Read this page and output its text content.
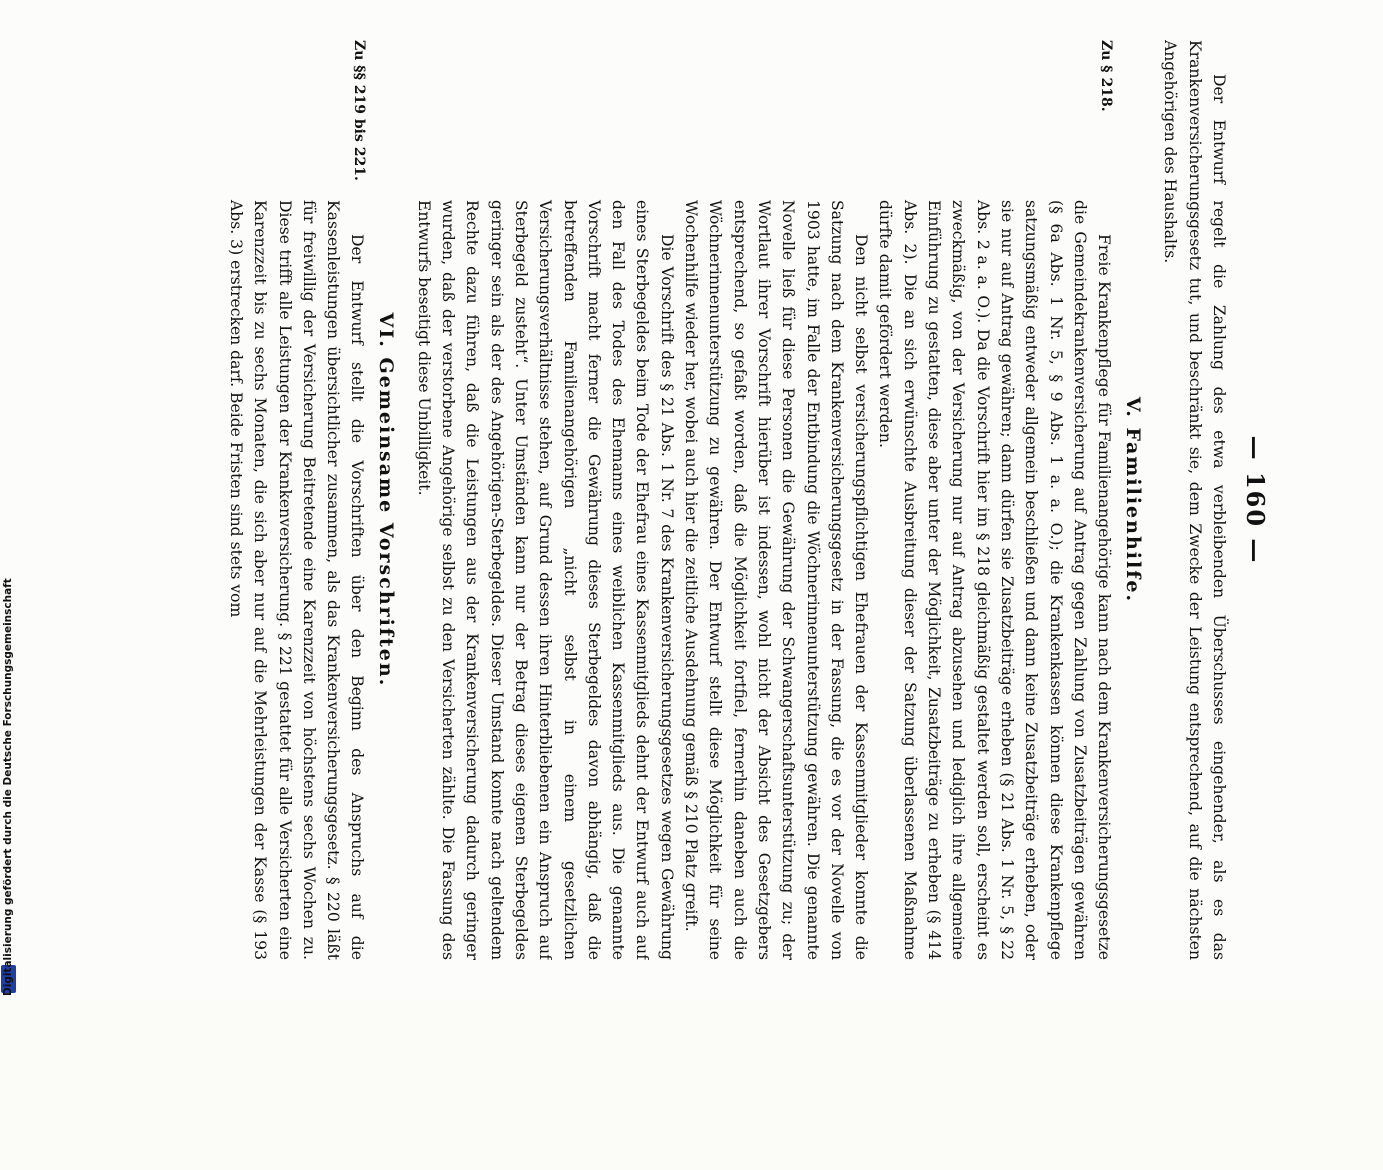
Digitalisierung gefördert durch die Deutsche Forschungsgemeinschaft
— 160 —

Der Entwurf regelt die Zahlung des etwa verbleibenden Überschusses eingehender, als es das Krankenversicherungsgesetz tut, und beschränkt sie, dem Zwecke der Leistung entsprechend, auf die nächsten Angehörigen des Haushalts.

V. Familienhilfe.
Zu § 218.

Freie Krankenpflege für Familienangehörige kann nach dem Krankenversicherungsgesetze die Gemeindekrankenversicherung auf Antrag gegen Zahlung von Zusatzbeiträgen gewähren (§ 6a Abs. 1 Nr. 5, § 9 Abs. 1 a. a. O.); die Krankenkassen können diese Krankenpflege satzungsmäßig entweder allgemein beschließen und dann keine Zusatzbeiträge erheben, oder sie nur auf Antrag gewähren; dann dürfen sie Zusatzbeiträge erheben (§ 21 Abs. 1 Nr. 5, § 22 Abs. 2 a. a. O.). Da die Vorschrift hier im § 218 gleichmäßig gestaltet werden soll, erscheint es zweckmäßig, von der Versicherung nur auf Antrag abzusehen und lediglich ihre allgemeine Einführung zu gestatten, diese aber unter der Möglichkeit, Zusatzbeiträge zu erheben (§ 414 Abs. 2). Die an sich erwünschte Ausbreitung dieser der Satzung überlassenen Maßnahme dürfte damit gefördert werden.

Den nicht selbst versicherungspflichtigen Ehefrauen der Kassenmitglieder konnte die Satzung nach dem Krankenversicherungsgesetz in der Fassung, die es vor der Novelle von 1903 hatte, im Falle der Entbindung die Wöchnerinnenunterstützung gewähren. Die genannte Novelle ließ für diese Personen die Gewährung der Schwangerschaftsunterstützung zu; der Wortlaut ihrer Vorschrift hierüber ist indessen, wohl nicht der Absicht des Gesetzgebers entsprechend, so gefaßt worden, daß die Möglichkeit fortfiel, fernerhin daneben auch die Wöchnerinnenunterstützung zu gewähren. Der Entwurf stellt diese Möglichkeit für seine Wochenhilfe wieder her, wobei auch hier die zeitliche Ausdehnung gemäß § 210 Platz greift.

Die Vorschrift des § 21 Abs. 1 Nr. 7 des Krankenversicherungsgesetzes wegen Gewährung eines Sterbegeldes beim Tode der Ehefrau eines Kassenmitglieds dehnt der Entwurf auch auf den Fall des Todes des Ehemanns eines weiblichen Kassenmitglieds aus. Die genannte Vorschrift macht ferner die Gewährung dieses Sterbegeldes davon abhängig, daß die betreffenden Familienangehörigen „nicht selbst in einem gesetzlichen Versicherungsverhältnisse stehen, auf Grund dessen ihren Hinterbliebenen ein Anspruch auf Sterbegeld zusteht“. Unter Umständen kann nur der Betrag dieses eigenen Sterbegeldes geringer sein als der des Angehörigen-Sterbegeldes. Dieser Umstand konnte nach geltendem Rechte dazu führen, daß die Leistungen aus der Krankenversicherung dadurch geringer wurden, daß der verstorbene Angehörige selbst zu den Versicherten zählte. Die Fassung des Entwurfs beseitigt diese Unbilligkeit.

VI. Gemeinsame Vorschriften.
Zu §§ 219 bis 221.

Der Entwurf stellt die Vorschriften über den Beginn des Anspruchs auf die Kassenleistungen übersichtlicher zusammen, als das Krankenversicherungsgesetz. § 220 läßt für freiwillig der Versicherung Beitretende eine Karenzzeit von höchstens sechs Wochen zu. Diese trifft alle Leistungen der Krankenversicherung. § 221 gestattet für alle Versicherten eine Karenzzeit bis zu sechs Monaten, die sich aber nur auf die Mehrleistungen der Kasse (§ 193 Abs. 3) erstrecken darf. Beide Fristen sind stets vom
